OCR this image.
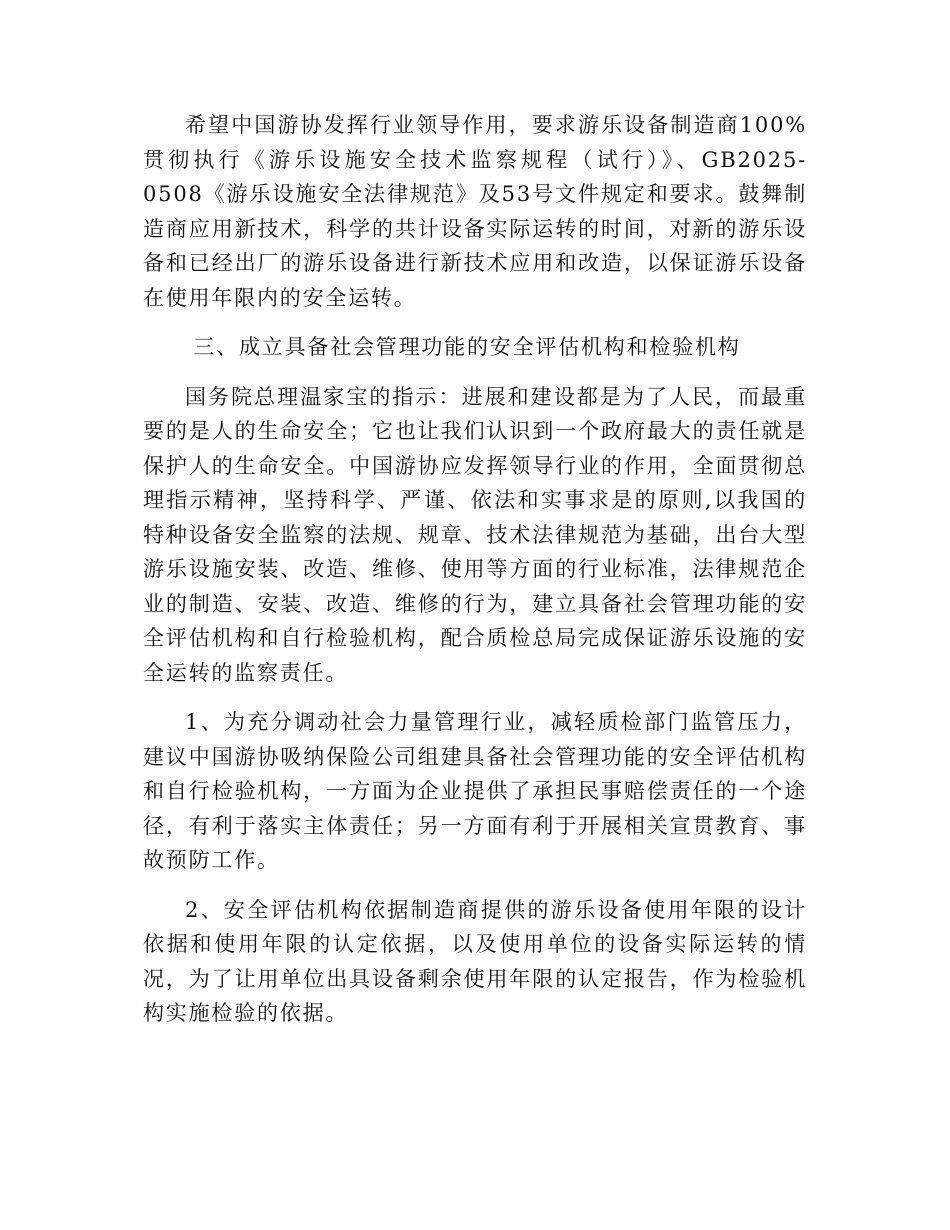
希望中国游协发挥行业领导作用，要求游乐设备制造商100%贯彻执行《游乐设施安全技术监察规程（试行）》、GB2025-0508《游乐设施安全法律规范》及53号文件规定和要求。鼓舞制造商应用新技术，科学的共计设备实际运转的时间，对新的游乐设备和已经出厂的游乐设备进行新技术应用和改造，以保证游乐设备在使用年限内的安全运转。

三、成立具备社会管理功能的安全评估机构和检验机构

国务院总理温家宝的指示：进展和建设都是为了人民，而最重要的是人的生命安全；它也让我们认识到一个政府最大的责任就是保护人的生命安全。中国游协应发挥领导行业的作用，全面贯彻总理指示精神，坚持科学、严谨、依法和实事求是的原则,以我国的特种设备安全监察的法规、规章、技术法律规范为基础，出台大型游乐设施安装、改造、维修、使用等方面的行业标准，法律规范企业的制造、安装、改造、维修的行为，建立具备社会管理功能的安全评估机构和自行检验机构，配合质检总局完成保证游乐设施的安全运转的监察责任。

1、为充分调动社会力量管理行业，减轻质检部门监管压力，建议中国游协吸纳保险公司组建具备社会管理功能的安全评估机构和自行检验机构，一方面为企业提供了承担民事赔偿责任的一个途径，有利于落实主体责任；另一方面有利于开展相关宣贯教育、事故预防工作。

2、安全评估机构依据制造商提供的游乐设备使用年限的设计依据和使用年限的认定依据，以及使用单位的设备实际运转的情况，为了让用单位出具设备剩余使用年限的认定报告，作为检验机构实施检验的依据。
